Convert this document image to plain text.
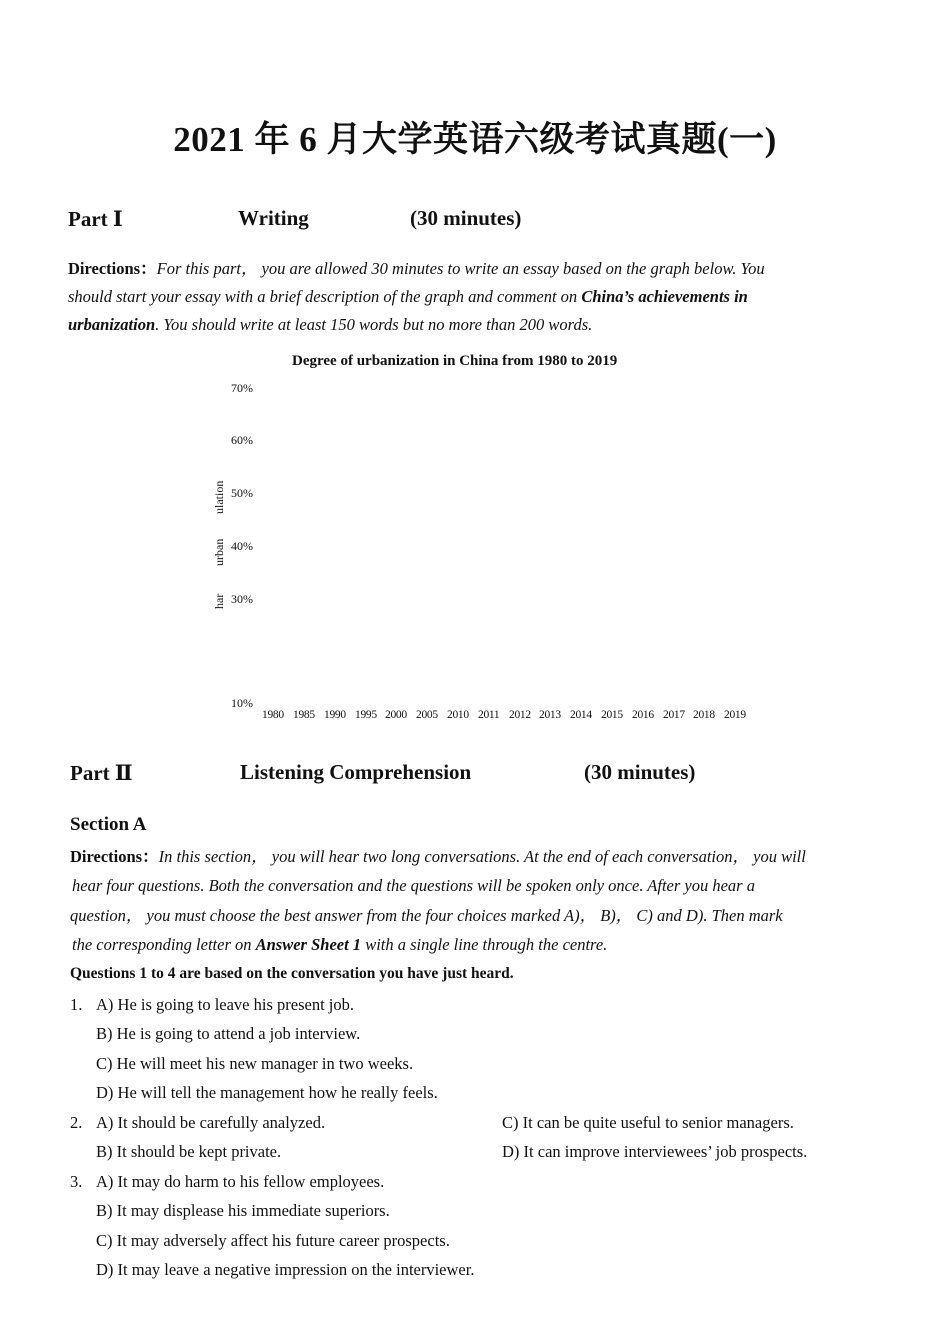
2021 年 6 月大学英语六级考试真题(一)
Part Ⅰ	Writing	(30 minutes)
Directions：For this part， you are allowed 30 minutes to write an essay based on the graph below. You
should start your essay with a brief description of the graph and comment on China’s achievements in
urbanization. You should write at least 150 words but no more than 200 words.
Degree of urbanization in China from 1980 to 2019
70%
60%
50%
40%
30%
10%
ulation
urban
har
1980 1985 1990 1995 2000 2005 2010 2011 2012 2013 2014 2015 2016 2017 2018 2019
Part Ⅱ	Listening Comprehension	(30 minutes)
Section A
Directions：In this section， you will hear two long conversations. At the end of each conversation， you will
hear four questions. Both the conversation and the questions will be spoken only once. After you hear a
question， you must choose the best answer from the four choices marked A)， B)， C) and D). Then mark
the corresponding letter on Answer Sheet 1 with a single line through the centre.
Questions 1 to 4 are based on the conversation you have just heard.
1. A) He is going to leave his present job.
B) He is going to attend a job interview.
C) He will meet his new manager in two weeks.
D) He will tell the management how he really feels.
2. A) It should be carefully analyzed.
B) It should be kept private.
C) It can be quite useful to senior managers.
D) It can improve interviewees’ job prospects.
3. A) It may do harm to his fellow employees.
B) It may displease his immediate superiors.
C) It may adversely affect his future career prospects.
D) It may leave a negative impression on the interviewer.
